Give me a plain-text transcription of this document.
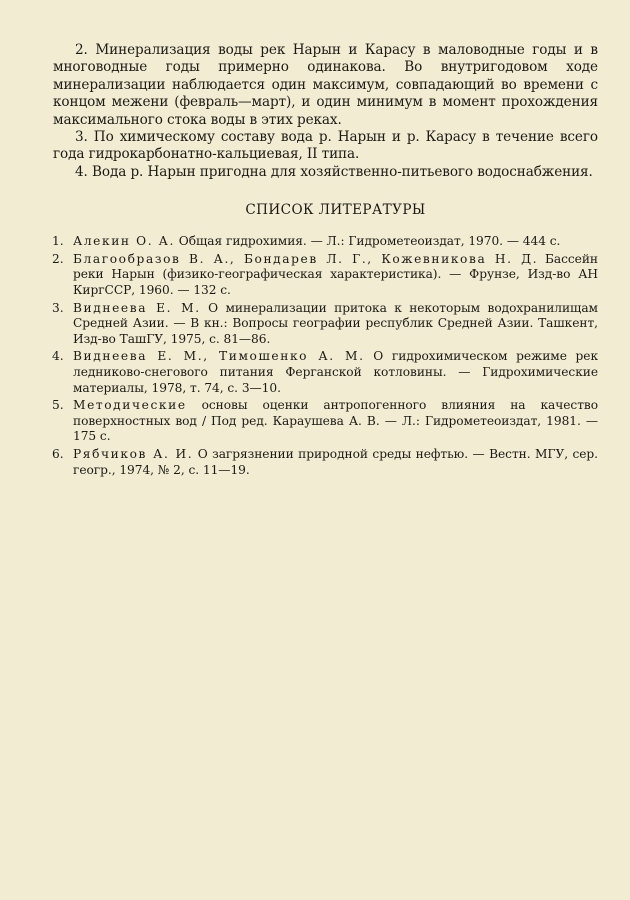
2. Минерализация воды рек Нарын и Карасу в маловодные годы и в многоводные годы примерно одинакова. Во внутригодовом ходе минерализации наблюдается один максимум, совпадающий во времени с концом межени (февраль—март), и один минимум в момент прохождения максимального стока воды в этих реках.

3. По химическому составу вода р. Нарын и р. Карасу в течение всего года гидрокарбонатно-кальциевая, II типа.

4. Вода р. Нарын пригодна для хозяйственно-питьевого водоснабжения.

СПИСОК ЛИТЕРАТУРЫ
1. Алекин О. А. Общая гидрохимия. — Л.: Гидрометеоиздат, 1970. — 444 с.
2. Благообразов В. А., Бондарев Л. Г., Кожевникова Н. Д. Бассейн реки Нарын (физико-географическая характеристика). — Фрунзе, Изд-во АН КиргССР, 1960. — 132 с.
3. Виднеева Е. М. О минерализации притока к некоторым водохранилищам Средней Азии. — В кн.: Вопросы географии республик Средней Азии. Ташкент, Изд-во ТашГУ, 1975, с. 81—86.
4. Виднеева Е. М., Тимошенко А. М. О гидрохимическом режиме рек ледниково-снегового питания Ферганской котловины. — Гидрохимические материалы, 1978, т. 74, с. 3—10.
5. Методические основы оценки антропогенного влияния на качество поверхностных вод / Под ред. Караушева А. В. — Л.: Гидрометеоиздат, 1981. — 175 с.
6. Рябчиков А. И. О загрязнении природной среды нефтью. — Вестн. МГУ, сер. геогр., 1974, № 2, с. 11—19.
